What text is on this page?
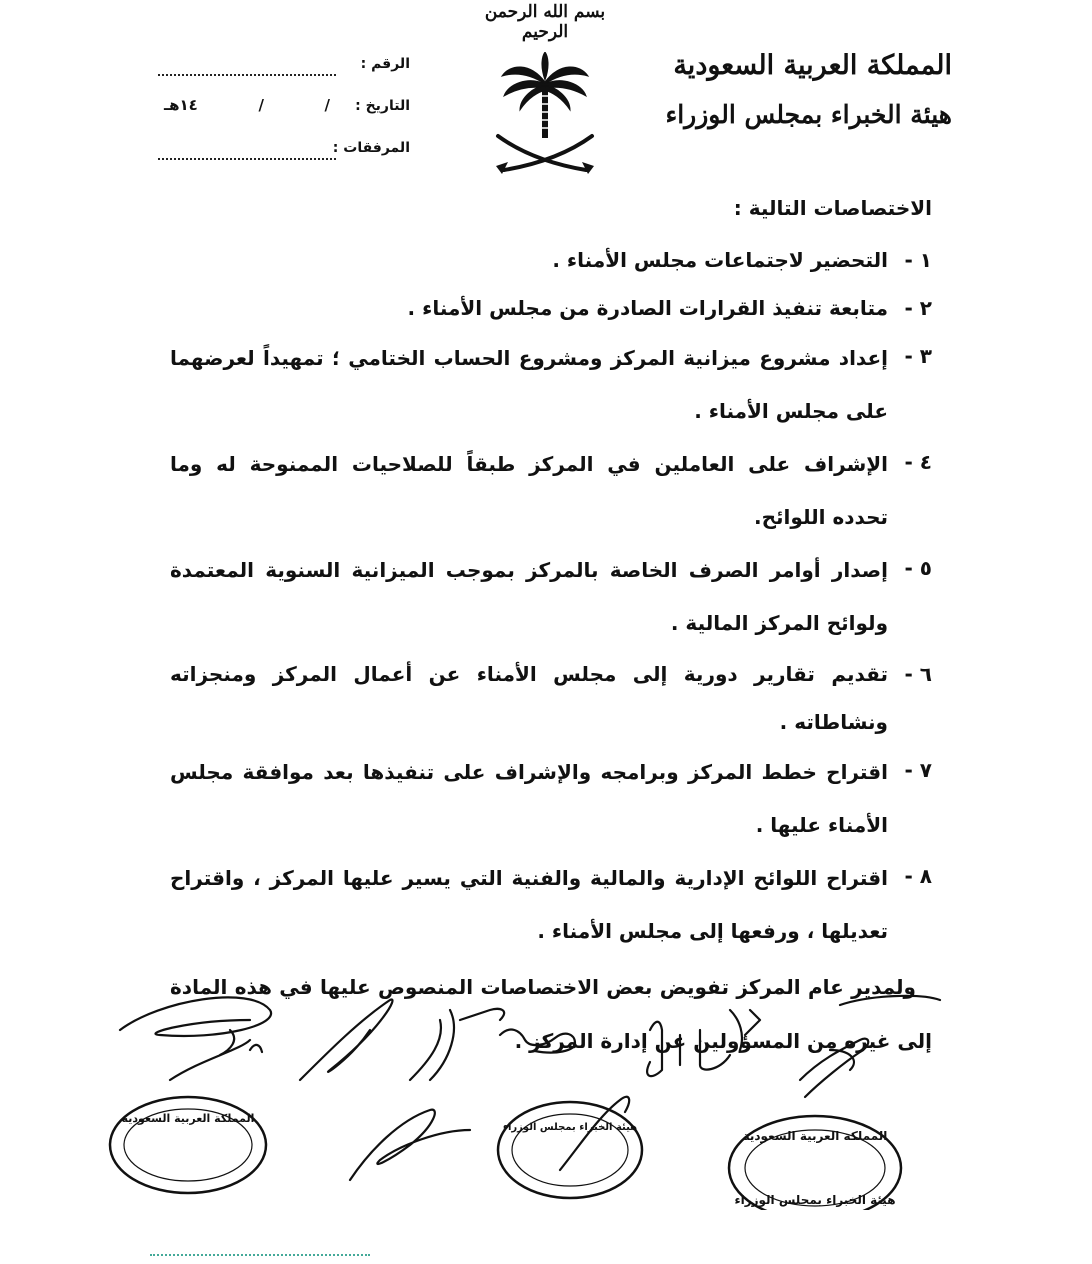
بسم الله الرحمن الرحيم
المملكة العربية السعودية
هيئة الخبراء بمجلس الوزراء
الرقم :
التاريخ :
/
/
١٤هـ
المرفقات :

الاختصاصات التالية :

١ -
التحضير لاجتماعات مجلس الأمناء .
٢ -
متابعة تنفيذ القرارات الصادرة من مجلس الأمناء .
٣ -
إعداد مشروع ميزانية المركز ومشروع الحساب الختامي ؛ تمهيداً لعرضهما على مجلس الأمناء .
٤ -
الإشراف على العاملين في المركز طبقاً للصلاحيات الممنوحة له وما تحدده اللوائح.
٥ -
إصدار أوامر الصرف الخاصة بالمركز بموجب الميزانية السنوية المعتمدة ولوائح المركز المالية .
٦ -
تقديم تقارير دورية إلى مجلس الأمناء عن أعمال المركز ومنجزاته ونشاطاته .
٧ -
اقتراح خطط المركز وبرامجه والإشراف على تنفيذها بعد موافقة مجلس الأمناء عليها .
٨ -
اقتراح اللوائح الإدارية والمالية والفنية التي يسير عليها المركز ، واقتراح تعديلها ، ورفعها إلى مجلس الأمناء .

ولمدير عام المركز تفويض بعض الاختصاصات المنصوص عليها في هذه المادة إلى غيره من المسؤولين عن إدارة المركز .

المملكة العربية السعودية
هيئة الخبراء بمجلس الوزراء
المملكة العربية السعودية
هيئة الخبراء بمجلس الوزراء
